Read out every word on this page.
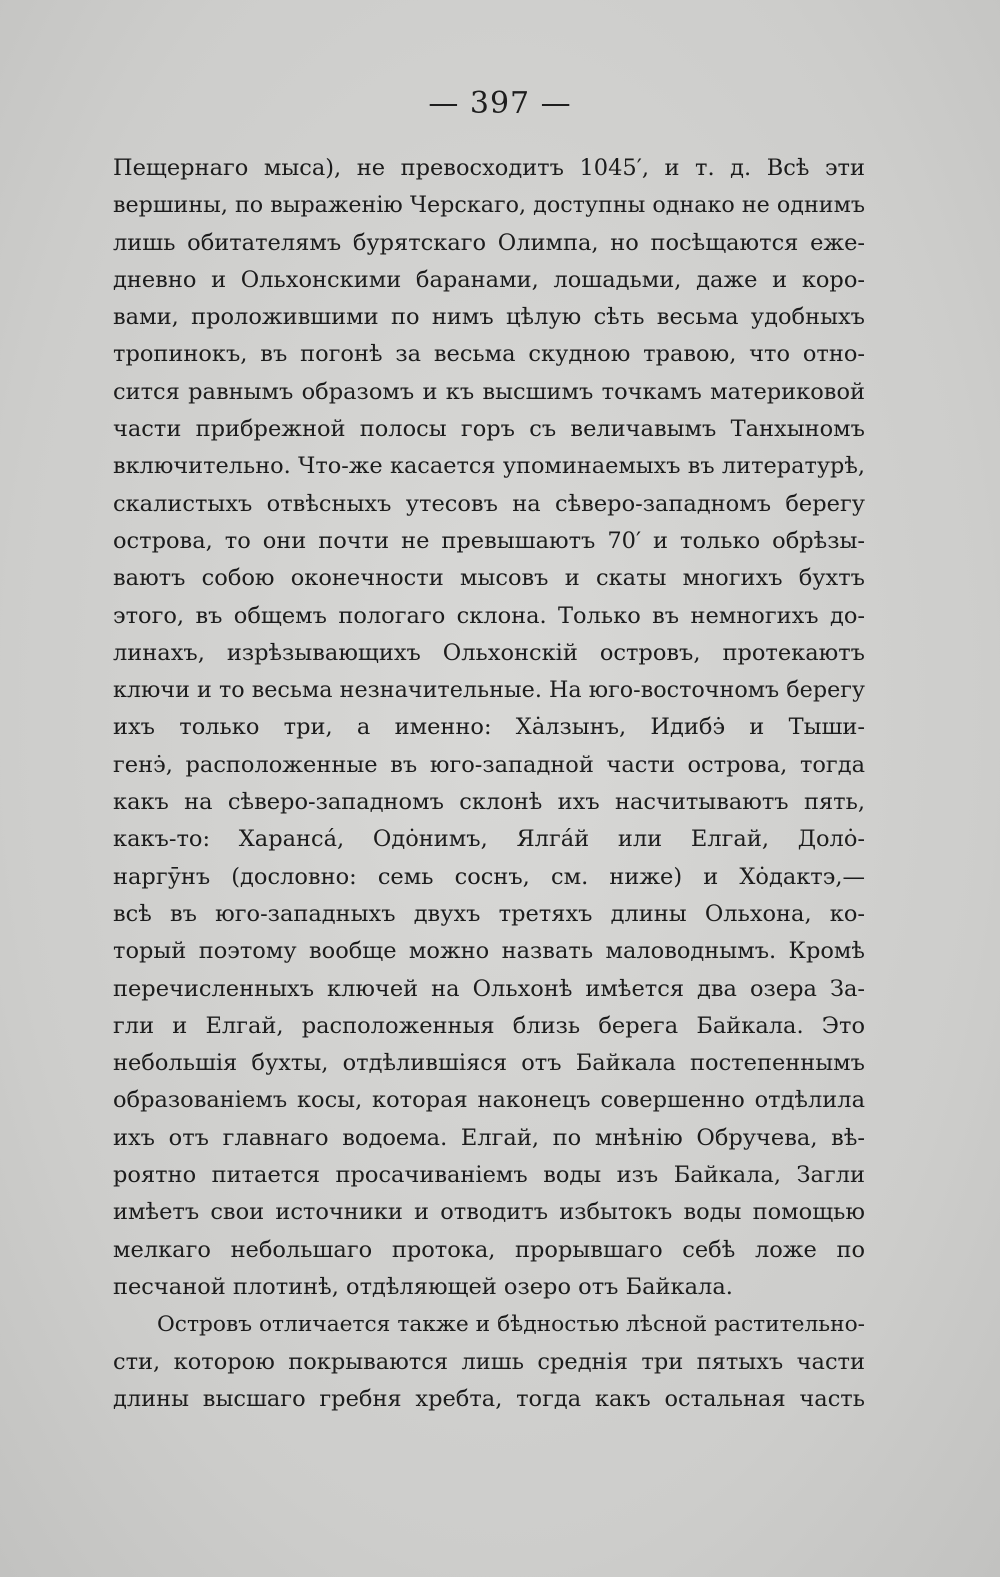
— 397 —
Пещернаго мыса), не превосходитъ 1045′, и т. д. Всѣ эти
вершины, по выраженію Черскаго, доступны однако не однимъ
лишь обитателямъ бурятскаго Олимпа, но посѣщаются еже-
дневно и Ольхонскими баранами, лошадьми, даже и коро-
вами, проложившими по нимъ цѣлую сѣть весьма удобныхъ
тропинокъ, въ погонѣ за весьма скудною травою, что отно-
сится равнымъ образомъ и къ высшимъ точкамъ материковой
части прибрежной полосы горъ съ величавымъ Танхыномъ
включительно. Что-же касается упоминаемыхъ въ литературѣ,
скалистыхъ отвѣсныхъ утесовъ на сѣверо-западномъ берегу
острова, то они почти не превышаютъ 70′ и только обрѣзы-
ваютъ собою оконечности мысовъ и скаты многихъ бухтъ
этого, въ общемъ пологаго склона. Только въ немногихъ до-
линахъ, изрѣзывающихъ Ольхонскій островъ, протекаютъ
ключи и то весьма незначительные. На юго-восточномъ берегу
ихъ только три, а именно: Хȧлзынъ, Идибэ̇ и Тыши-
генэ̇, расположенные въ юго-западной части острова, тогда
какъ на сѣверо-западномъ склонѣ ихъ насчитываютъ пять,
какъ-то: Харансá, Одȯнимъ, Ялгáй или Елгай, Долȯ-
наргӯнъ (дословно: семь соснъ, см. ниже) и Хȯдактэ,—
всѣ въ юго-западныхъ двухъ третяхъ длины Ольхона, ко-
торый поэтому вообще можно назвать маловоднымъ. Кромѣ
перечисленныхъ ключей на Ольхонѣ имѣется два озера За-
гли и Елгай, расположенныя близь берега Байкала. Это
небольшія бухты, отдѣлившіяся отъ Байкала постепеннымъ
образованіемъ косы, которая наконецъ совершенно отдѣлила
ихъ отъ главнаго водоема. Елгай, по мнѣнію Обручева, вѣ-
роятно питается просачиваніемъ воды изъ Байкала, Загли
имѣетъ свои источники и отводитъ избытокъ воды помощью
мелкаго небольшаго протока, прорывшаго себѣ ложе по
песчаной плотинѣ, отдѣляющей озеро отъ Байкала.
Островъ отличается также и бѣдностью лѣсной растительно-
сти, которою покрываются лишь среднія три пятыхъ части
длины высшаго гребня хребта, тогда какъ остальная часть
